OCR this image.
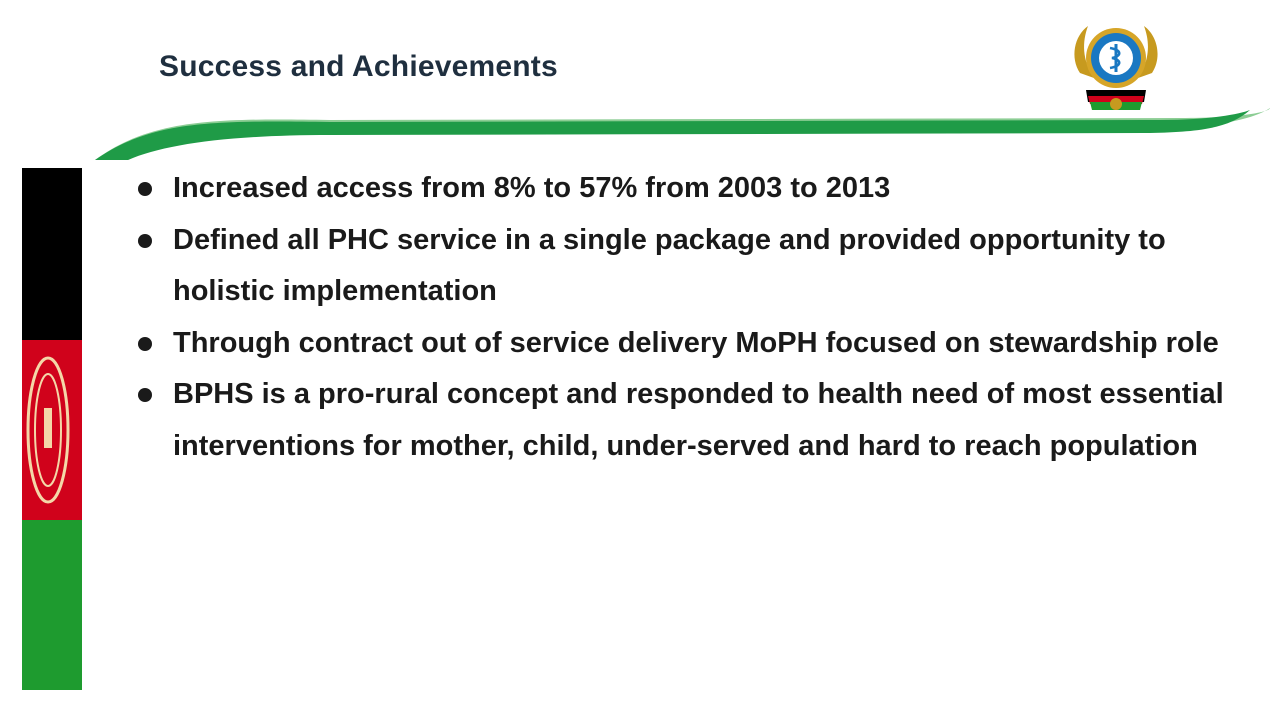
Success and Achievements
Increased access from 8% to 57% from 2003 to 2013
Defined all PHC service in a single package and provided opportunity to holistic implementation
Through contract out of service delivery MoPH focused on stewardship role
BPHS is a pro-rural concept and responded to health need of most essential interventions for mother, child, under-served and hard to reach population
